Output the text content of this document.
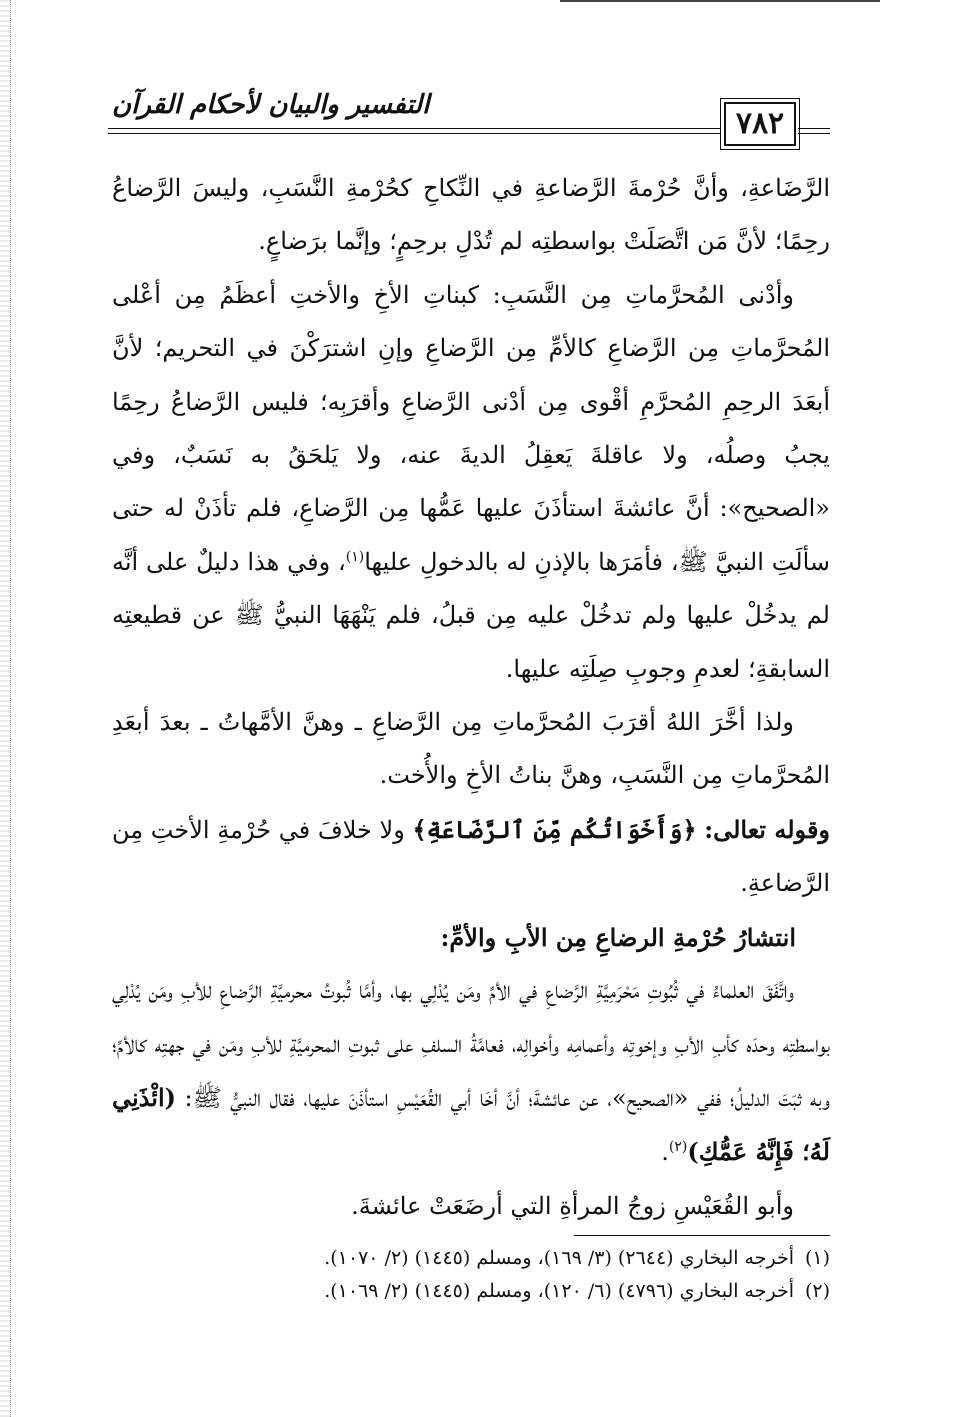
التفسير والبيان لأحكام القرآن
٧٨٢

الرَّضَاعةِ، وأنَّ حُرْمةَ الرَّضاعةِ في النِّكاحِ كحُرْمةِ النَّسَبِ، وليسَ الرَّضاعُ رحِمًا؛ لأنَّ مَن اتَّصَلَتْ بواسطتِه لم تُدْلِ برحِمٍ؛ وإنَّما برَضاعٍ.

وأدْنى المُحرَّماتِ مِن النَّسَبِ: كبناتِ الأخِ والأختِ أعظَمُ مِن أعْلى المُحرَّماتِ مِن الرَّضاعِ كالأمِّ مِن الرَّضاعِ وإنِ اشترَكْنَ في التحريم؛ لأنَّ أبعَدَ الرحِمِ المُحرَّمِ أقْوى مِن أدْنى الرَّضاعِ وأقرَبِه؛ فليس الرَّضاعُ رحِمًا يجبُ وصلُه، ولا عاقلةَ يَعقِلُ الديةَ عنه، ولا يَلحَقُ به نَسَبٌ، وفي «الصحيح»: أنَّ عائشةَ استأذَنَ عليها عَمُّها مِن الرَّضاعِ، فلم تأذَنْ له حتى سألَتِ النبيَّ ﷺ، فأمَرَها بالإذنِ له بالدخولِ عليها$^{(١)}$، وفي هذا دليلٌ على أنَّه لم يدخُلْ عليها ولم تدخُلْ عليه مِن قبلُ، فلم يَنْهَهَا النبيُّ ﷺ عن قطيعتِه السابقةِ؛ لعدمِ وجوبِ صِلَتِه عليها.

ولذا أخَّرَ اللهُ أقرَبَ المُحرَّماتِ مِن الرَّضاعِ ـ وهنَّ الأمَّهاتُ ـ بعدَ أبعَدِ المُحرَّماتِ مِن النَّسَبِ، وهنَّ بناتُ الأخِ والأُخت.

وقوله تعالى: ﴿وَأَخَوَاتُكُم مِّنَ ٱلرَّضَاعَةِ﴾ ولا خلافَ في حُرْمةِ الأختِ مِن الرَّضاعةِ.

انتشارُ حُرْمةِ الرضاعِ مِن الأبِ والأمِّ:

واتَّفَقَ العلماءُ في ثُبُوتِ مَحْرَمِيَّةِ الرَّضاعِ في الأمِّ ومَن يُدْلِي بها، وأمَّا ثُبوتُ محرميَّةِ الرَّضاعِ للأبِ ومَن يُدْلِي بواسطتِه وحدَه كأبِ الأبِ وإخوتِه وأعمامِه وأخوالِه، فعامَّةُ السلفِ على ثبوتِ المحرميَّةِ للأبِ ومَن في جهتِه كالأمِّ؛ وبه ثبَتَ الدليلُ؛ ففي «الصحيح»، عن عائشةَ؛ أنَّ أخَا أبي القُعَيْسِ استأذَنَ عليها، فقال النبيُّ ﷺ: (ائْذَنِي لَهُ؛ فَإِنَّهُ عَمُّكِ)$^{(٢)}$.

وأبو القُعَيْسِ زوجُ المرأةِ التي أرضَعَتْ عائشةَ.

(١)أخرجه البخاري (٢٦٤٤) (٣/ ١٦٩)، ومسلم (١٤٤٥) (٢/ ١٠٧٠).

(٢)أخرجه البخاري (٤٧٩٦) (٦/ ١٢٠)، ومسلم (١٤٤٥) (٢/ ١٠٦٩).
